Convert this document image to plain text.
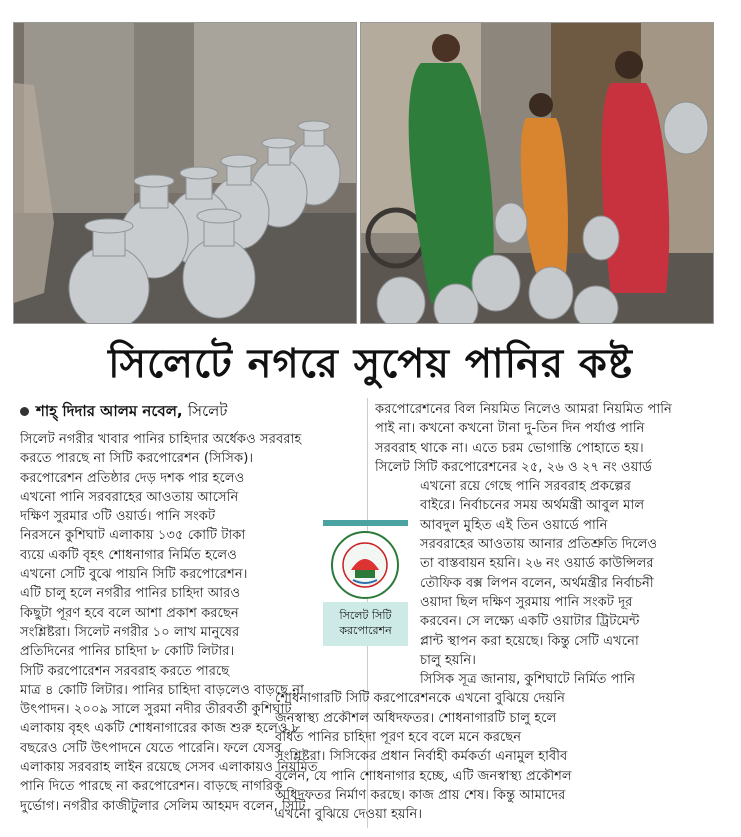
সিলেটে নগরে সুপেয় পানির কষ্ট
শাহ্ দিদার আলম নবেল, সিলেট
সিলেট নগরীর খাবার পানির চাহিদার অর্ধেকও সরবরাহ
করতে পারছে না সিটি করপোরেশন (সিসিক)।
করপোরেশন প্রতিষ্ঠার দেড় দশক পার হলেও
এখনো পানি সরবরাহের আওতায় আসেনি
দক্ষিণ সুরমার ৩টি ওয়ার্ড। পানি সংকট
নিরসনে কুশিঘাট এলাকায় ১৩৫ কোটি টাকা
ব্যয়ে একটি বৃহৎ শোধনাগার নির্মিত হলেও
এখনো সেটি বুঝে পায়নি সিটি করপোরেশন।
এটি চালু হলে নগরীর পানির চাহিদা আরও
কিছুটা পূরণ হবে বলে আশা প্রকাশ করছেন
সংশ্লিষ্টরা। সিলেট নগরীর ১০ লাখ মানুষের
প্রতিদিনের পানির চাহিদা ৮ কোটি লিটার।
সিটি করপোরেশন সরবরাহ করতে পারছে
মাত্র ৪ কোটি লিটার। পানির চাহিদা বাড়লেও বাড়ছে না
উৎপাদন। ২০০৯ সালে সুরমা নদীর তীরবর্তী কুশিঘাট
এলাকায় বৃহৎ একটি শোধনাগারের কাজ শুরু হলেও ৮
বছরেও সেটি উৎপাদনে যেতে পারেনি। ফলে যেসব
এলাকায় সরবরাহ লাইন রয়েছে সেসব এলাকায়ও নিয়মিত
পানি দিতে পারছে না করপোরেশন। বাড়ছে নাগরিক
দুর্ভোগ। নগরীর কাজীটুলার সেলিম আহমদ বলেন, সিটি
করপোরেশনের বিল নিয়মিত নিলেও আমরা নিয়মিত পানি
পাই না। কখনো কখনো টানা দু-তিন দিন পর্যাপ্ত পানি
সরবরাহ থাকে না। এতে চরম ভোগান্তি পোহাতে হয়।
সিলেট সিটি করপোরেশনের ২৫, ২৬ ও ২৭ নং ওয়ার্ড
এখনো রয়ে গেছে পানি সরবরাহ প্রকল্পের
বাইরে। নির্বাচনের সময় অর্থমন্ত্রী আবুল মাল
আবদুল মুহিত এই তিন ওয়ার্ডে পানি
সরবরাহের আওতায় আনার প্রতিশ্রুতি দিলেও
তা বাস্তবায়ন হয়নি। ২৬ নং ওয়ার্ড কাউন্সিলর
তৌফিক বক্স লিপন বলেন, অর্থমন্ত্রীর নির্বাচনী
ওয়াদা ছিল দক্ষিণ সুরমায় পানি সংকট দূর
করবেন। সে লক্ষ্যে একটি ওয়াটার ট্রিটমেন্ট
প্লান্ট স্থাপন করা হয়েছে। কিন্তু সেটি এখনো
চালু হয়নি।
সিসিক সূত্র জানায়, কুশিঘাটে নির্মিত পানি
শোধনাগারটি সিটি করপোরেশনকে এখনো বুঝিয়ে দেয়নি
জনস্বাস্থ্য প্রকৌশল অধিদফতর। শোধনাগারটি চালু হলে
বর্ধিত পানির চাহিদা পূরণ হবে বলে মনে করছেন
সংশ্লিষ্টরা। সিসিকের প্রধান নির্বাহী কর্মকর্তা এনামুল হাবীব
বলেন, যে পানি শোধনাগার হচ্ছে, এটি জনস্বাস্থ্য প্রকৌশল
অধিদফতর নির্মাণ করছে। কাজ প্রায় শেষ। কিন্তু আমাদের
এখনো বুঝিয়ে দেওয়া হয়নি।
সিলেট সিটি
করপোরেশন
